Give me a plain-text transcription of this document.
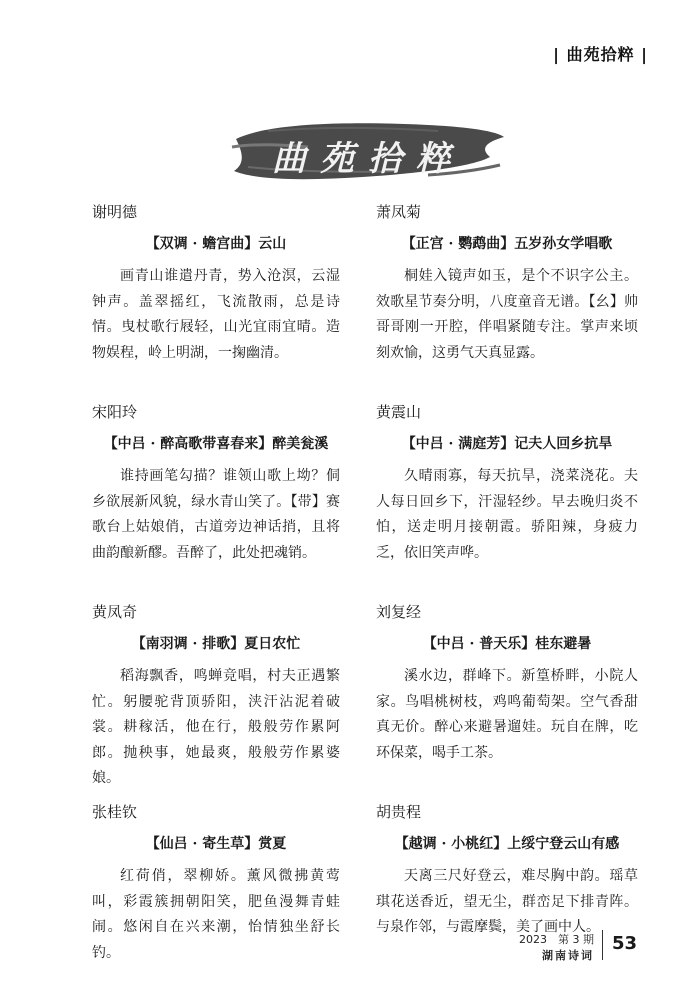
| 曲苑拾粹 |
曲苑拾粹
谢明德
【双调 · 蟾宫曲】云山
画青山谁遣丹青，势入沧溟，云湿钟声。盖翠摇红，飞流散雨，总是诗情。曳杖歌行屐轻，山光宜雨宜晴。造物娱程，岭上明湖，一掬幽清。
宋阳玲
【中吕 · 醉高歌带喜春来】醉美瓮溪
谁持画笔勾描？谁领山歌上坳？侗乡欲展新风貌，绿水青山笑了。【带】赛歌台上姑娘俏，古道旁边神话捎，且将曲韵酿新醪。吾醉了，此处把魂销。
黄凤奇
【南羽调 · 排歌】夏日农忙
稻海飘香，鸣蝉竞唱，村夫正遇繁忙。躬腰驼背顶骄阳，浃汗沾泥着破裳。耕稼活，他在行，般般劳作累阿郎。抛秧事，她最爽，般般劳作累婆娘。
张桂钦
【仙吕 · 寄生草】赏夏
红荷俏，翠柳娇。薰风微拂黄莺叫，彩霞簇拥朝阳笑，肥鱼漫舞青蛙闹。悠闲自在兴来潮，怡情独坐舒长钓。
萧凤菊
【正宫 · 鹦鹉曲】五岁孙女学唱歌
桐娃入镜声如玉，是个不识字公主。效歌星节奏分明，八度童音无谱。【幺】帅哥哥刚一开腔，伴唱紧随专注。掌声来顷刻欢愉，这勇气天真显露。
黄震山
【中吕 · 满庭芳】记夫人回乡抗旱
久晴雨寡，每天抗旱，浇菜浇花。夫人每日回乡下，汗湿轻纱。早去晚归炎不怕，送走明月接朝霞。骄阳辣，身疲力乏，依旧笑声哗。
刘复经
【中吕 · 普天乐】桂东避暑
溪水边，群峰下。新篁桥畔，小院人家。鸟唱桃树枝，鸡鸣葡萄架。空气香甜真无价。醉心来避暑遛娃。玩自在牌，吃环保菜，喝手工茶。
胡贵程
【越调 · 小桃红】上绥宁登云山有感
天离三尺好登云，难尽胸中韵。瑶草琪花送香近，望无尘，群峦足下排青阵。与泉作邻，与霞摩鬓，美了画中人。
2023　第 3 期
湖南诗词
53
